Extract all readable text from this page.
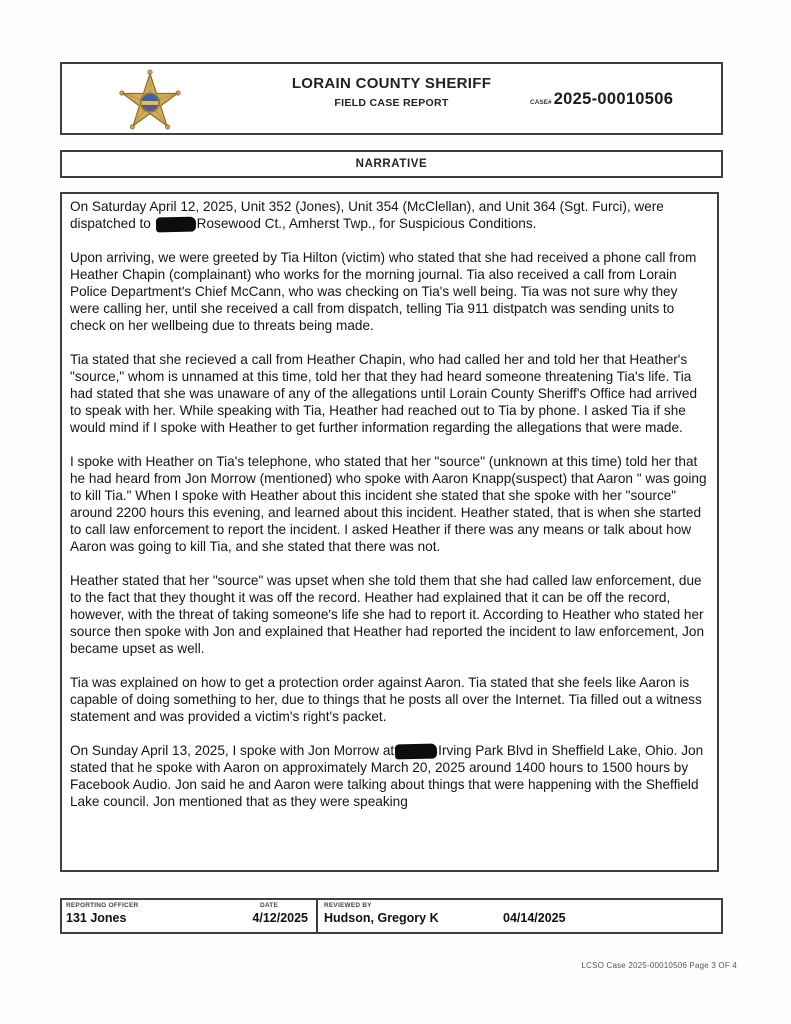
LORAIN COUNTY SHERIFF
FIELD CASE REPORT	CASE# 2025-00010506
NARRATIVE

On Saturday April 12, 2025, Unit 352 (Jones), Unit 354 (McClellan), and Unit 364 (Sgt. Furci), were dispatched to	Rosewood Ct., Amherst Twp., for Suspicious Conditions.

Upon arriving, we were greeted by Tia Hilton (victim) who stated that she had received a phone call from Heather Chapin (complainant) who works for the morning journal. Tia also received a call from Lorain Police Department's Chief McCann, who was checking on Tia's well being. Tia was not sure why they were calling her, until she received a call from dispatch, telling Tia 911 distpatch was sending units to check on her wellbeing due to threats being made.

Tia stated that she recieved a call from Heather Chapin, who had called her and told her that Heather's "source," whom is unnamed at this time, told her that they had heard someone threatening Tia's life. Tia had stated that she was unaware of any of the allegations until Lorain County Sheriff's Office had arrived to speak with her. While speaking with Tia, Heather had reached out to Tia by phone. I asked Tia if she would mind if I spoke with Heather to get further information regarding the allegations that were made.

I spoke with Heather on Tia's telephone, who stated that her "source" (unknown at this time) told her that he had heard from Jon Morrow (mentioned) who spoke with Aaron Knapp(suspect) that Aaron " was going to kill Tia." When I spoke with Heather about this incident she stated that she spoke with her "source" around 2200 hours this evening, and learned about this incident. Heather stated, that is when she started to call law enforcement to report the incident. I asked Heather if there was any means or talk about how Aaron was going to kill Tia, and she stated that there was not.

Heather stated that her "source" was upset when she told them that she had called law enforcement, due to the fact that they thought it was off the record. Heather had explained that it can be off the record, however, with the threat of taking someone's life she had to report it. According to Heather who stated her source then spoke with Jon and explained that Heather had reported the incident to law enforcement, Jon became upset as well.

Tia was explained on how to get a protection order against Aaron. Tia stated that she feels like Aaron is capable of doing something to her, due to things that he posts all over the Internet. Tia filled out a witness statement and was provided a victim's right's packet.

On Sunday April 13, 2025, I spoke with Jon Morrow at	Irving Park Blvd in Sheffield Lake, Ohio. Jon stated that he spoke with Aaron on approximately March 20, 2025 around 1400 hours to 1500 hours by Facebook Audio. Jon said he and Aaron were talking about things that were happening with the Sheffield Lake council. Jon mentioned that as they were speaking

REPORTING OFFICER	DATE
131 Jones	4/12/2025
REVIEWED BY
Hudson, Gregory K	04/14/2025
LCSO Case 2025-00010506 Page 3 OF 4
